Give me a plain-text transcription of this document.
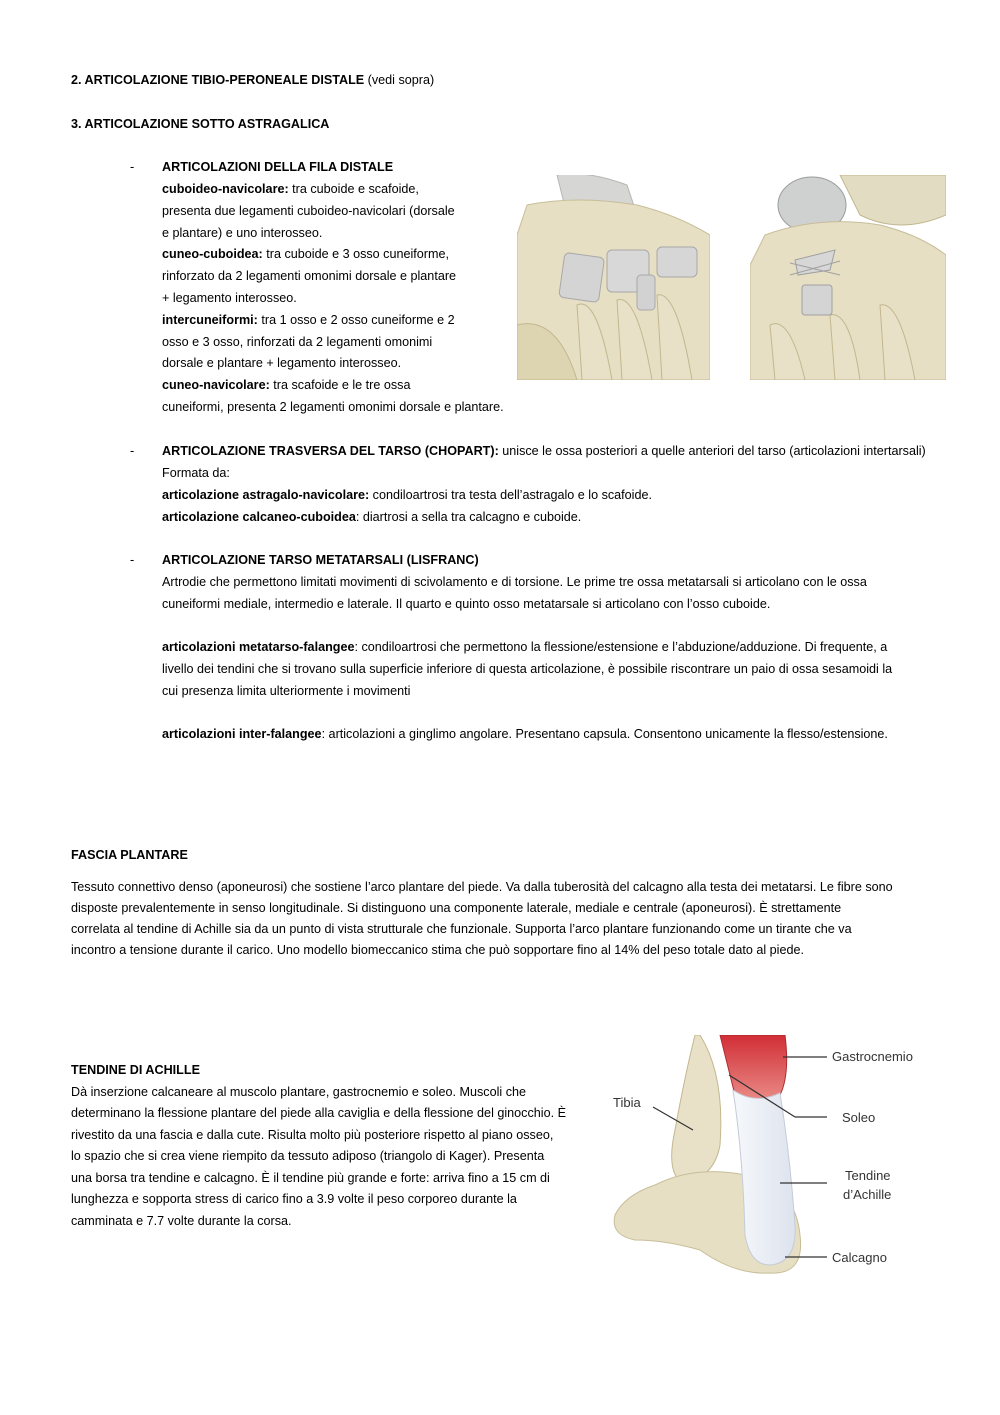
2. ARTICOLAZIONE TIBIO-PERONEALE DISTALE (vedi sopra)
3. ARTICOLAZIONE SOTTO ASTRAGALICA
- ARTICOLAZIONI DELLA FILA DISTALE
cuboideo-navicolare: tra cuboide e scafoide,
presenta due legamenti cuboideo-navicolari (dorsale
e plantare) e uno interosseo.
cuneo-cuboidea: tra cuboide e 3 osso cuneiforme,
rinforzato da 2 legamenti omonimi dorsale e plantare
+ legamento interosseo.
intercuneiformi: tra 1 osso e 2 osso cuneiforme e 2
osso e 3 osso, rinforzati da 2 legamenti omonimi
dorsale e plantare + legamento interosseo.
cuneo-navicolare: tra scafoide e le tre ossa
cuneiformi, presenta 2 legamenti omonimi dorsale e plantare.
- ARTICOLAZIONE TRASVERSA DEL TARSO (CHOPART): unisce le ossa posteriori a quelle anteriori del tarso (articolazioni intertarsali)
Formata da:
articolazione astragalo-navicolare: condiloartrosi tra testa dell’astragalo e lo scafoide.
articolazione calcaneo-cuboidea: diartrosi a sella tra calcagno e cuboide.
- ARTICOLAZIONE TARSO METATARSALI (LISFRANC)
Artrodie che permettono limitati movimenti di scivolamento e di torsione. Le prime tre ossa metatarsali si articolano con le ossa
cuneiformi mediale, intermedio e laterale. Il quarto e quinto osso metatarsale si articolano con l’osso cuboide.
articolazioni metatarso-falangee: condiloartrosi che permettono la flessione/estensione e l’abduzione/adduzione. Di frequente, a
livello dei tendini che si trovano sulla superficie inferiore di questa articolazione, è possibile riscontrare un paio di ossa sesamoidi la
cui presenza limita ulteriormente i movimenti
articolazioni inter-falangee: articolazioni a ginglimo angolare. Presentano capsula. Consentono unicamente la flesso/estensione.
FASCIA PLANTARE
Tessuto connettivo denso (aponeurosi) che sostiene l’arco plantare del piede. Va dalla tuberosità del calcagno alla testa dei metatarsi. Le fibre sono
disposte prevalentemente in senso longitudinale. Si distinguono una componente laterale, mediale e centrale (aponeurosi). È strettamente
correlata al tendine di Achille sia da un punto di vista strutturale che funzionale. Supporta l’arco plantare funzionando come un tirante che va
incontro a tensione durante il carico. Uno modello biomeccanico stima che può sopportare fino al 14% del peso totale dato al piede.
TENDINE DI ACHILLE
Dà inserzione calcaneare al muscolo plantare, gastrocnemio e soleo. Muscoli che
determinano la flessione plantare del piede alla caviglia e della flessione del ginocchio. È
rivestito da una fascia e dalla cute. Risulta molto più posteriore rispetto al piano osseo,
lo spazio che si crea viene riempito da tessuto adiposo (triangolo di Kager). Presenta
una borsa tra tendine e calcagno. È il tendine più grande e forte: arriva fino a 15 cm di
lunghezza e sopporta stress di carico fino a 3.9 volte il peso corporeo durante la
camminata e 7.7 volte durante la corsa.
Tibia
Gastrocnemio
Soleo
Tendine
d’Achille
Calcagno
